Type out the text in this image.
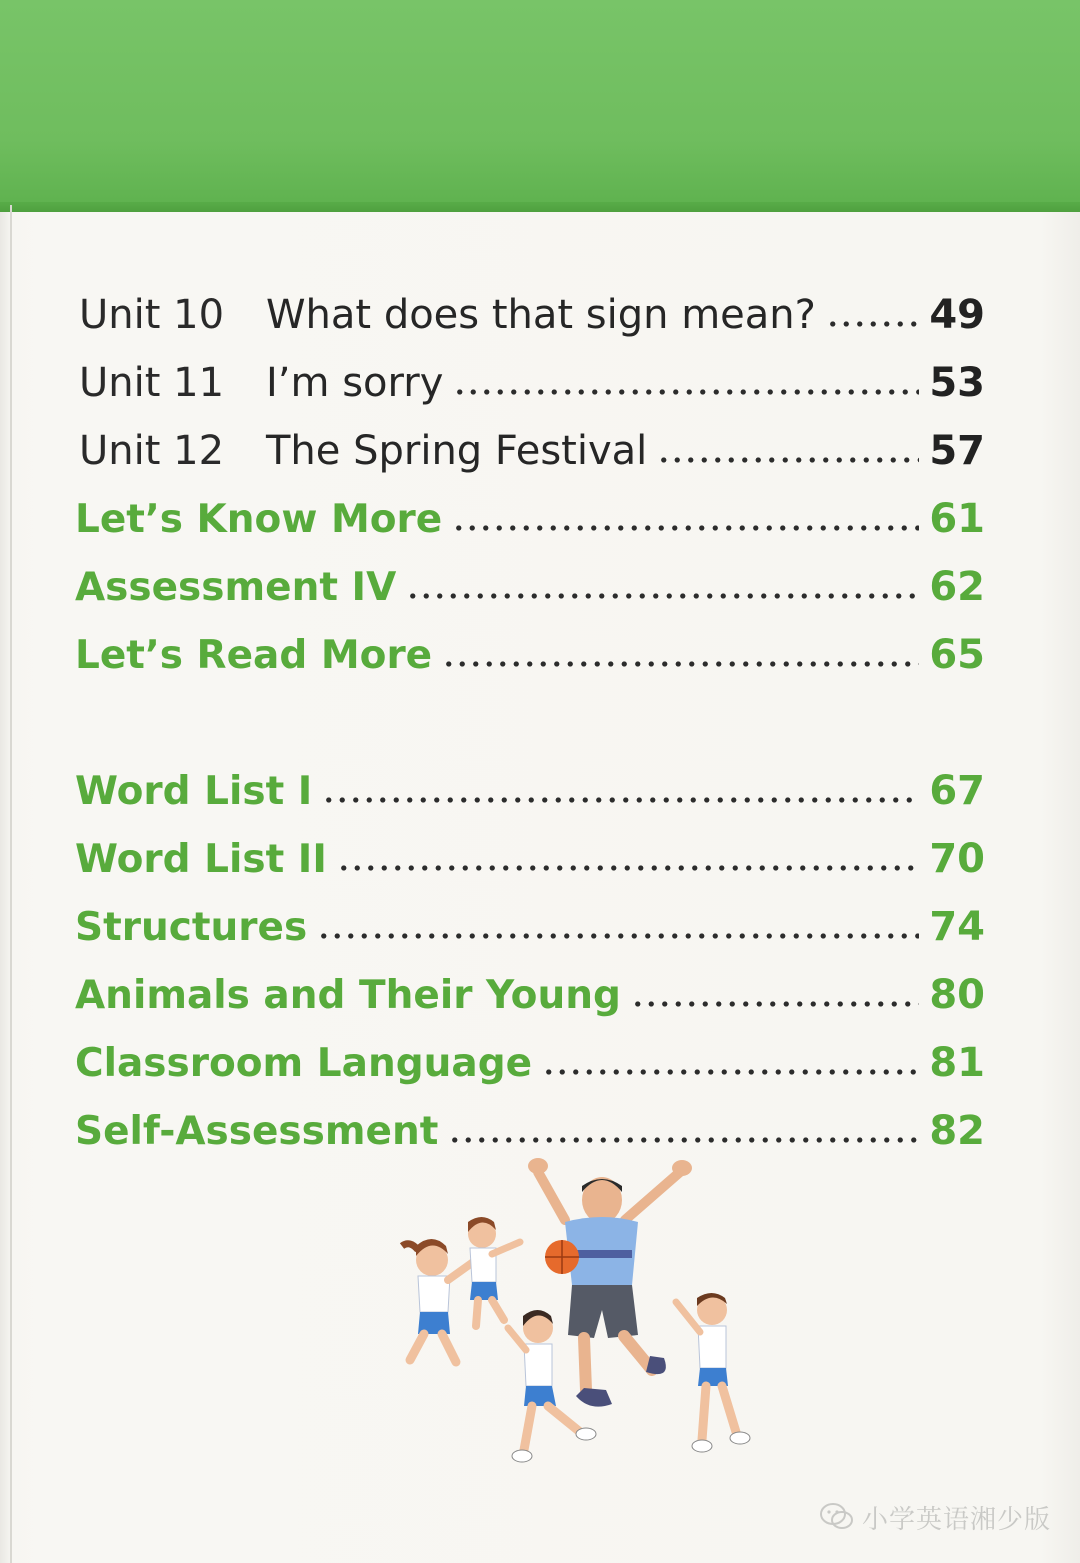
Unit 10	What does that sign mean?	49
Unit 11	I’m sorry	53
Unit 12	The Spring Festival	57
Let’s Know More	61
Assessment IV	62
Let’s Read More	65
Word List I	67
Word List II	70
Structures	74
Animals and Their Young	80
Classroom Language	81
Self-Assessment	82
小学英语湘少版
